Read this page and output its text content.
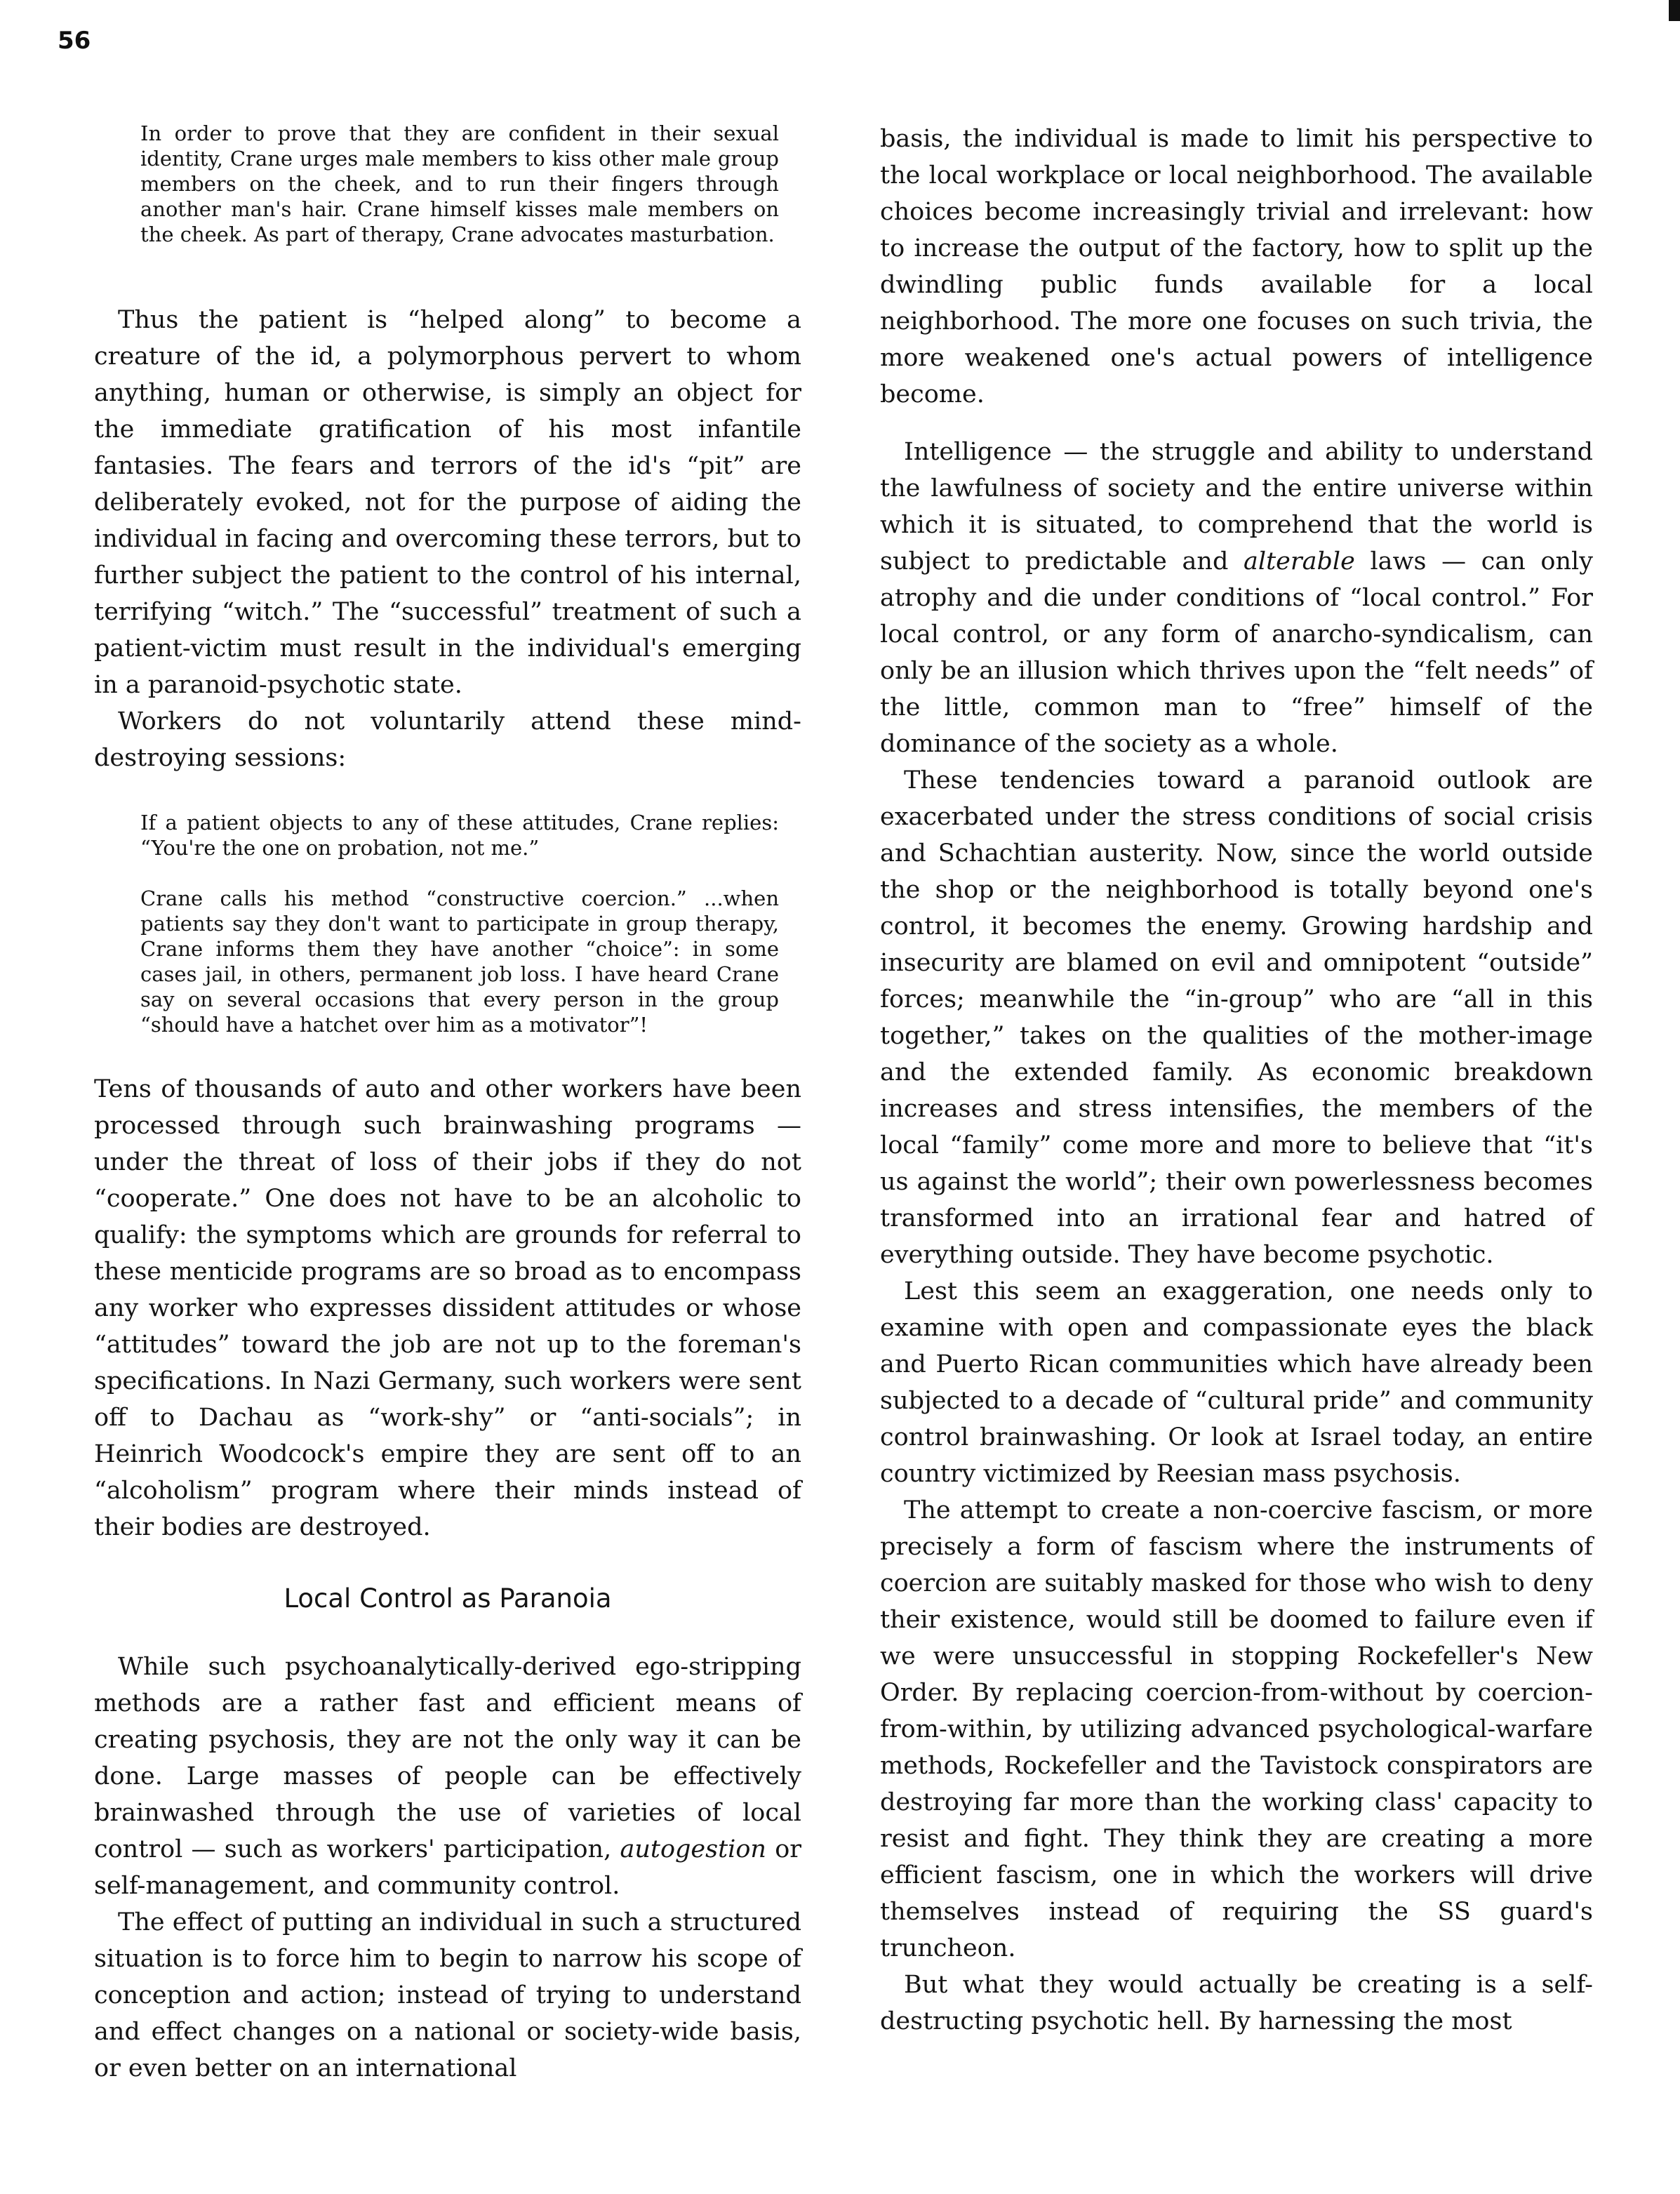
56

In order to prove that they are confident in their sexual identity, Crane urges male members to kiss other male group members on the cheek, and to run their fingers through another man's hair. Crane himself kisses male members on the cheek. As part of therapy, Crane advocates masturbation.

Thus the patient is “helped along” to become a creature of the id, a polymorphous pervert to whom anything, human or otherwise, is simply an object for the immediate gratification of his most infantile fantasies. The fears and terrors of the id's “pit” are deliberately evoked, not for the purpose of aiding the individual in facing and overcoming these terrors, but to further subject the patient to the control of his internal, terrifying “witch.” The “successful” treatment of such a patient-victim must result in the individual's emerging in a paranoid-psychotic state.

Workers do not voluntarily attend these mind-destroying sessions:

If a patient objects to any of these attitudes, Crane replies: “You're the one on probation, not me.”

Crane calls his method “constructive coercion.” ...when patients say they don't want to participate in group therapy, Crane informs them they have another “choice”: in some cases jail, in others, permanent job loss. I have heard Crane say on several occasions that every person in the group “should have a hatchet over him as a motivator”!

Tens of thousands of auto and other workers have been processed through such brainwashing programs — under the threat of loss of their jobs if they do not “cooperate.” One does not have to be an alcoholic to qualify: the symptoms which are grounds for referral to these menticide programs are so broad as to encompass any worker who expresses dissident attitudes or whose “attitudes” toward the job are not up to the foreman's specifications. In Nazi Germany, such workers were sent off to Dachau as “work-shy” or “anti-socials”; in Heinrich Woodcock's empire they are sent off to an “alcoholism” program where their minds instead of their bodies are destroyed.

Local Control as Paranoia

While such psychoanalytically-derived ego-stripping methods are a rather fast and efficient means of creating psychosis, they are not the only way it can be done. Large masses of people can be effectively brainwashed through the use of varieties of local control — such as workers' participation, autogestion or self-management, and community control.

The effect of putting an individual in such a structured situation is to force him to begin to narrow his scope of conception and action; instead of trying to understand and effect changes on a national or society-wide basis, or even better on an international

basis, the individual is made to limit his perspective to the local workplace or local neighborhood. The available choices become increasingly trivial and irrelevant: how to increase the output of the factory, how to split up the dwindling public funds available for a local neighborhood. The more one focuses on such trivia, the more weakened one's actual powers of intelligence become.

Intelligence — the struggle and ability to understand the lawfulness of society and the entire universe within which it is situated, to comprehend that the world is subject to predictable and alterable laws — can only atrophy and die under conditions of “local control.” For local control, or any form of anarcho-syndicalism, can only be an illusion which thrives upon the “felt needs” of the little, common man to “free” himself of the dominance of the society as a whole.

These tendencies toward a paranoid outlook are exacerbated under the stress conditions of social crisis and Schachtian austerity. Now, since the world outside the shop or the neighborhood is totally beyond one's control, it becomes the enemy. Growing hardship and insecurity are blamed on evil and omnipotent “outside” forces; meanwhile the “in-group” who are “all in this together,” takes on the qualities of the mother-image and the extended family. As economic breakdown increases and stress intensifies, the members of the local “family” come more and more to believe that “it's us against the world”; their own powerlessness becomes transformed into an irrational fear and hatred of everything outside. They have become psychotic.

Lest this seem an exaggeration, one needs only to examine with open and compassionate eyes the black and Puerto Rican communities which have already been subjected to a decade of “cultural pride” and community control brainwashing. Or look at Israel today, an entire country victimized by Reesian mass psychosis.

The attempt to create a non-coercive fascism, or more precisely a form of fascism where the instruments of coercion are suitably masked for those who wish to deny their existence, would still be doomed to failure even if we were unsuccessful in stopping Rockefeller's New Order. By replacing coercion-from-without by coercion-from-within, by utilizing advanced psychological-warfare methods, Rockefeller and the Tavistock conspirators are destroying far more than the working class' capacity to resist and fight. They think they are creating a more efficient fascism, one in which the workers will drive themselves instead of requiring the SS guard's truncheon.

But what they would actually be creating is a self-destructing psychotic hell. By harnessing the most
